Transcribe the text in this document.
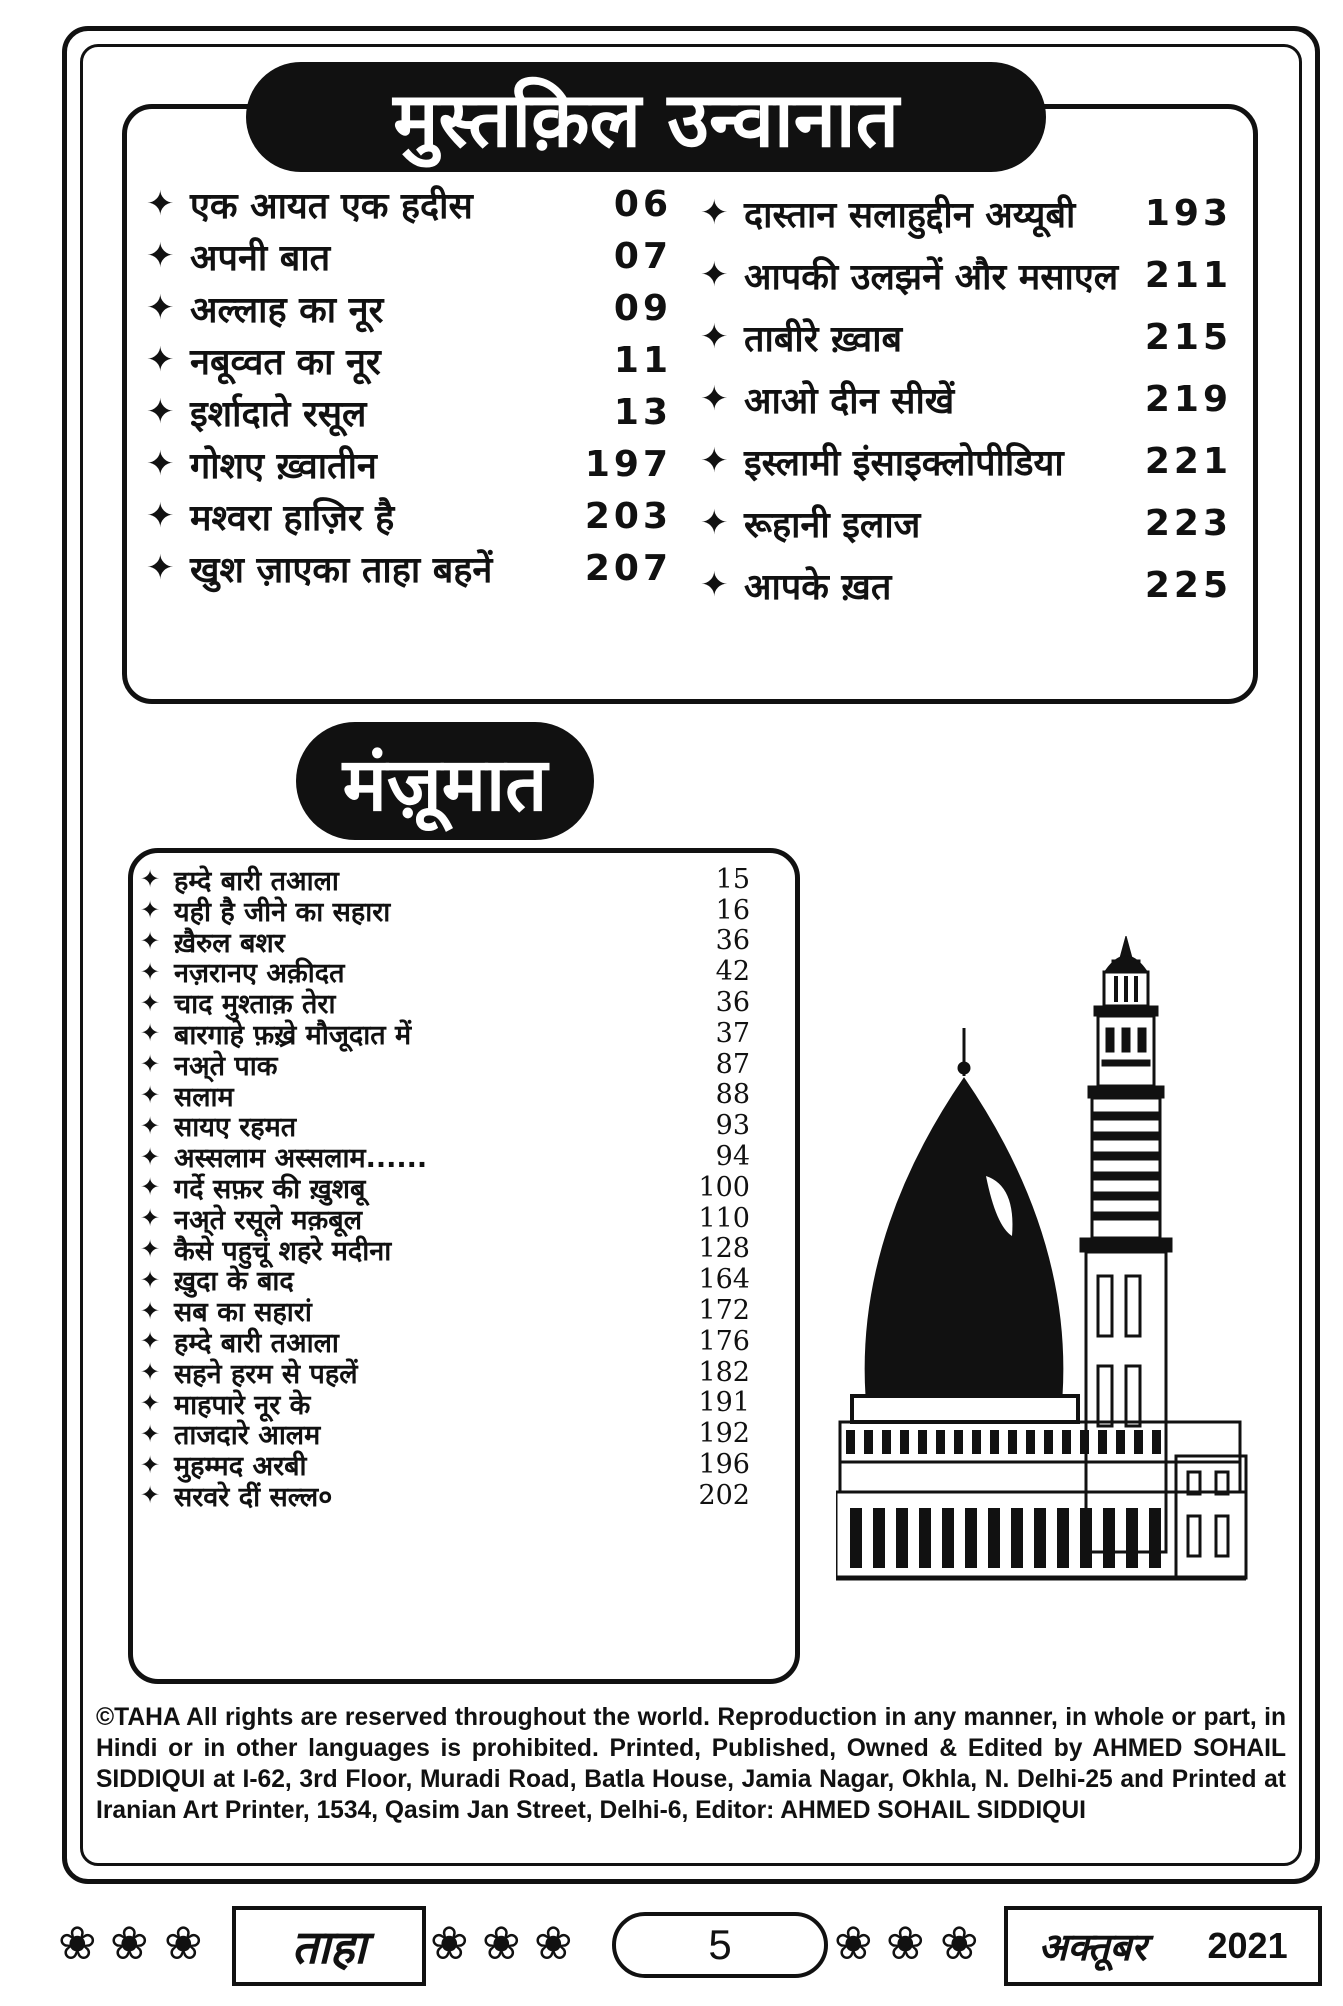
मुस्तक़िल उन्वानात
✦ एक आयत एक हदीस	06
✦ अपनी बात	07
✦ अल्लाह का नूर	09
✦ नबूव्वत का नूर	11
✦ इर्शादाते रसूल	13
✦ गोशए ख़्वातीन	197
✦ मश्वरा हाज़िर है	203
✦ खुश ज़ाएका ताहा बहनें	207
✦ दास्तान सलाहुद्दीन अय्यूबी 193
✦ आपकी उलझनें और मसाएल 211
✦ ताबीरे ख़्वाब	215
✦ आओ दीन सीखें	219
✦ इस्लामी इंसाइक्लोपीडिया 221
✦ रूहानी इलाज	223
✦ आपके ख़त	225
मंज़ूमात
✦ हम्दे बारी तआला	15
✦ यही है जीने का सहारा	16
✦ ख़ैरुल बशर	36
✦ नज़रानए अक़ीदत	42
✦ चाद मुश्ताक़ तेरा	36
✦ बारगाहे फ़ख़्रे मौजूदात में	37
✦ नअ्ते पाक	87
✦ सलाम	88
✦ सायए रहमत	93
✦ अस्सलाम अस्सलाम......	94
✦ गर्दे सफ़र की ख़ुशबू	100
✦ नअ्ते रसूले मक़बूल	110
✦ कैसे पहुचूं शहरे मदीना	128
✦ ख़ुदा के बाद	164
✦ सब का सहारां	172
✦ हम्दे बारी तआला	176
✦ सहने हरम से पहलें	182
✦ माहपारे नूर के	191
✦ ताजदारे आलम	192
✦ मुहम्मद अरबी	196
✦ सरवरे दीं सल्ल०	202
©TAHA All rights are reserved throughout the world. Reproduction in any manner, in whole or part, in Hindi or in other languages is prohibited. Printed, Published, Owned & Edited by AHMED SOHAIL SIDDIQUI at I-62, 3rd Floor, Muradi Road, Batla House, Jamia Nagar, Okhla, N. Delhi-25 and Printed at Iranian Art Printer, 1534, Qasim Jan Street, Delhi-6, Editor: AHMED SOHAIL SIDDIQUI
❀ ❀ ❀ ताहा ❀ ❀ ❀	5 ❀ ❀ ❀ अक्तूबर 2021
